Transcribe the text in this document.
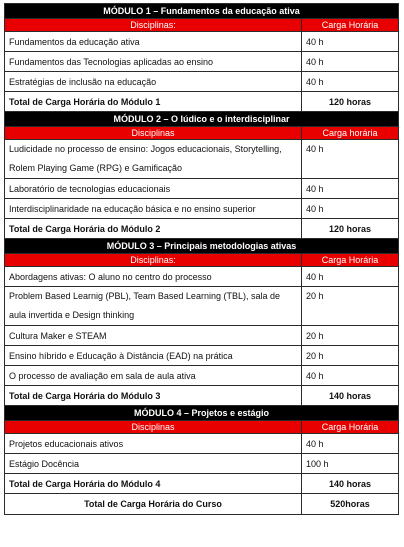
MÓDULO 1 – Fundamentos da educação ativa	
Disciplinas:	Carga Horária
Fundamentos da educação ativa	40 h
Fundamentos das Tecnologias aplicadas ao ensino	40 h
Estratégias de inclusão na educação	40 h
Total de Carga Horária do Módulo 1	120 horas
MÓDULO 2 – O lúdico e o interdisciplinar	
Disciplinas	Carga horária
Ludicidade no processo de ensino: Jogos educacionais, Storytelling, Rolem Playing Game (RPG) e Gamificação	40 h
Laboratório de tecnologias educacionais	40 h
Interdisciplinaridade na educação básica e no ensino superior	40 h
Total de Carga Horária do Módulo 2	120 horas
MÓDULO 3 – Principais metodologias ativas	
Disciplinas:	Carga Horária
Abordagens ativas: O aluno no centro do processo	40 h
Problem Based Learnig (PBL), Team Based Learning (TBL), sala de aula invertida e Design thinking	20 h
Cultura Maker e STEAM	20 h
Ensino híbrido e Educação à Distância (EAD) na prática	20 h
O processo de avaliação em sala de aula ativa	40 h
Total de Carga Horária do Módulo 3	140 horas
MÓDULO 4 – Projetos e estágio	
Disciplinas	Carga Horária
Projetos educacionais ativos	40 h
Estágio Docência	100 h
Total de Carga Horária do Módulo 4	140 horas
Total de Carga Horária do Curso	520horas
